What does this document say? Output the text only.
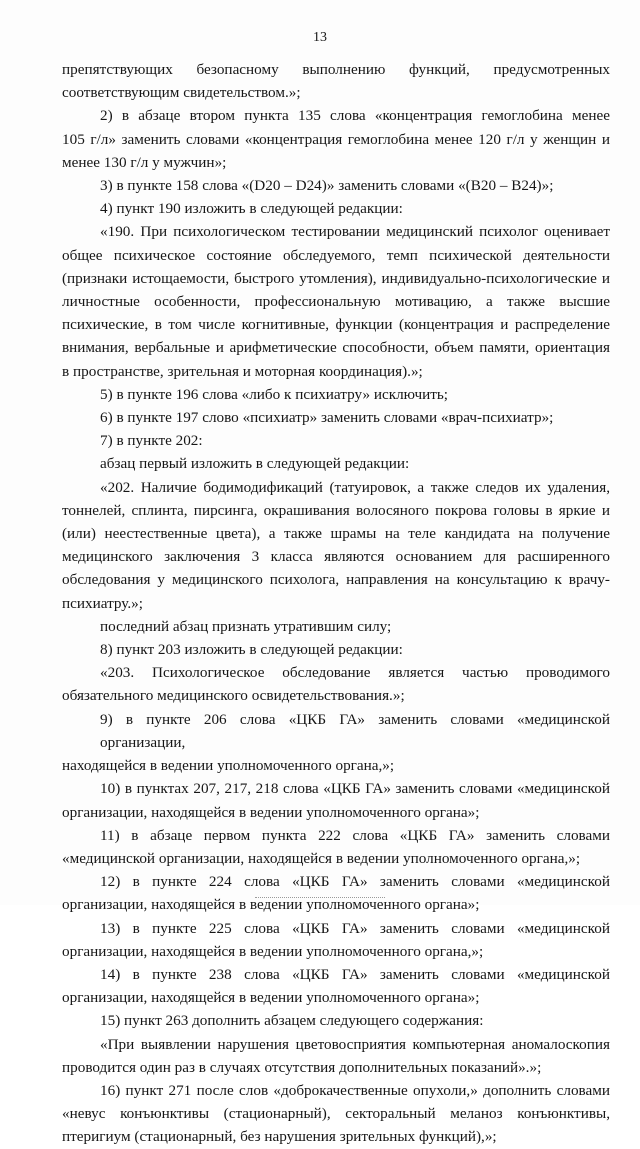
13
препятствующих безопасному выполнению функций, предусмотренных
соответствующим свидетельством.»;
2) в абзаце втором пункта 135 слова «концентрация гемоглобина менее
105 г/л» заменить словами «концентрация гемоглобина менее 120 г/л у женщин и
менее 130 г/л у мужчин»;
3) в пункте 158 слова «(D20 – D24)» заменить словами «(B20 – B24)»;
4) пункт 190 изложить в следующей редакции:
«190. При психологическом тестировании медицинский психолог оценивает
общее психическое состояние обследуемого, темп психической деятельности
(признаки истощаемости, быстрого утомления), индивидуально-психологические и
личностные особенности, профессиональную мотивацию, а также высшие
психические, в том числе когнитивные, функции (концентрация и распределение
внимания, вербальные и арифметические способности, объем памяти, ориентация
в пространстве, зрительная и моторная координация).»;
5) в пункте 196 слова «либо к психиатру» исключить;
6) в пункте 197 слово «психиатр» заменить словами «врач-психиатр»;
7) в пункте 202:
абзац первый изложить в следующей редакции:
«202. Наличие бодимодификаций (татуировок, а также следов их удаления,
тоннелей, сплинта, пирсинга, окрашивания волосяного покрова головы в яркие и
(или) неестественные цвета), а также шрамы на теле кандидата на получение
медицинского заключения 3 класса являются основанием для расширенного
обследования у медицинского психолога, направления на консультацию к врачу-
психиатру.»;
последний абзац признать утратившим силу;
8) пункт 203 изложить в следующей редакции:
«203. Психологическое обследование является частью проводимого
обязательного медицинского освидетельствования.»;
9) в пункте 206 слова «ЦКБ ГА» заменить словами «медицинской организации,
находящейся в ведении уполномоченного органа,»;
10) в пунктах 207, 217, 218 слова «ЦКБ ГА» заменить словами «медицинской
организации, находящейся в ведении уполномоченного органа»;
11) в абзаце первом пункта 222 слова «ЦКБ ГА» заменить словами
«медицинской организации, находящейся в ведении уполномоченного органа,»;
12) в пункте 224 слова «ЦКБ ГА» заменить словами «медицинской
организации, находящейся в ведении уполномоченного органа»;
13) в пункте 225 слова «ЦКБ ГА» заменить словами «медицинской
организации, находящейся в ведении уполномоченного органа,»;
14) в пункте 238 слова «ЦКБ ГА» заменить словами «медицинской
организации, находящейся в ведении уполномоченного органа»;
15) пункт 263 дополнить абзацем следующего содержания:
«При выявлении нарушения цветовосприятия компьютерная аномалоскопия
проводится один раз в случаях отсутствия дополнительных показаний».»;
16) пункт 271 после слов «доброкачественные опухоли,» дополнить словами
«невус конъюнктивы (стационарный), секторальный меланоз конъюнктивы,
птеригиум (стационарный, без нарушения зрительных функций),»;
